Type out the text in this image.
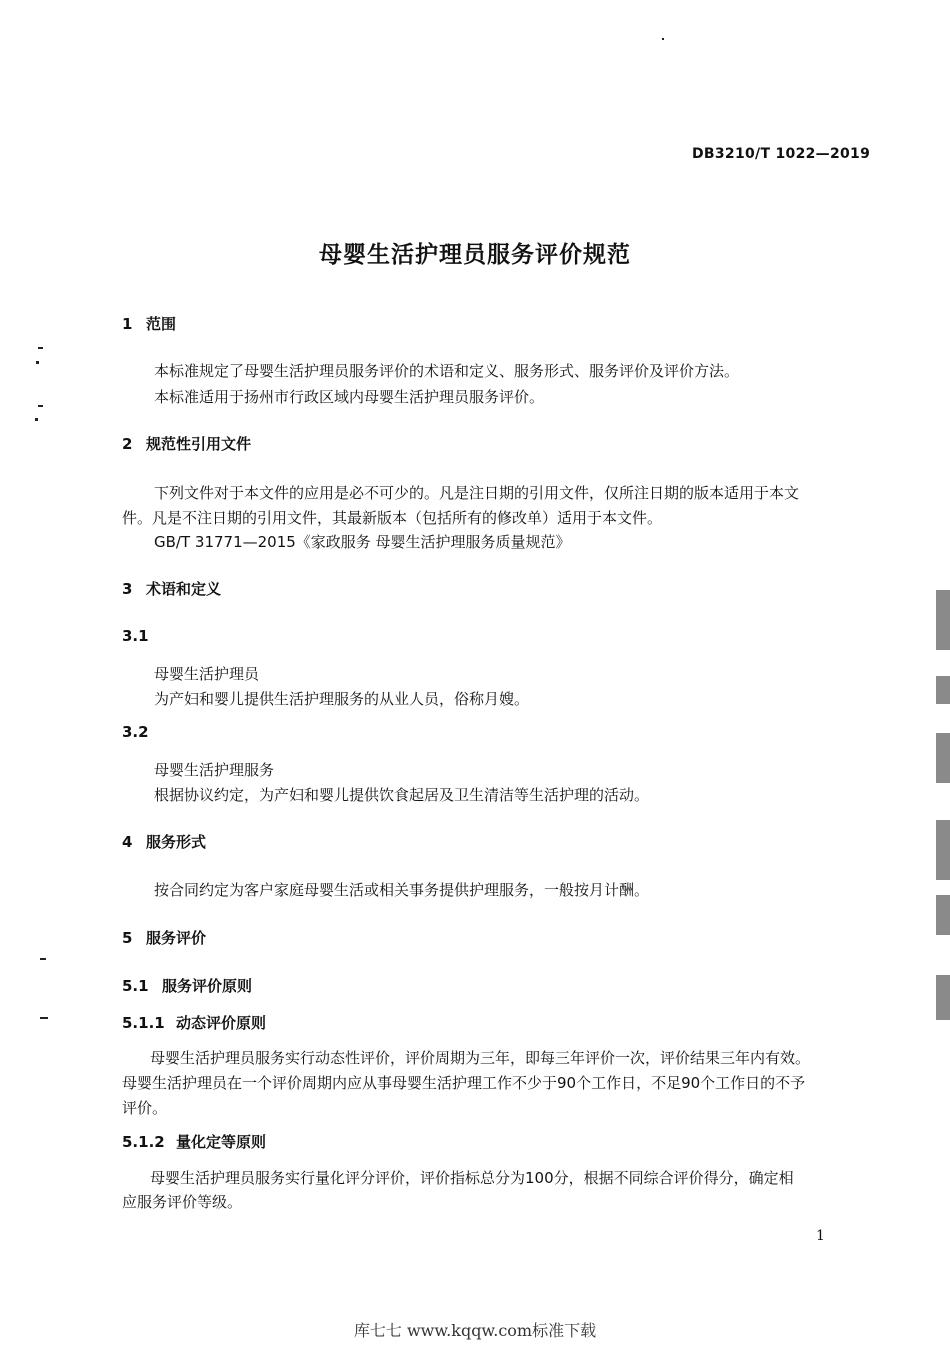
DB3210/T 1022—2019
母婴生活护理员服务评价规范
1 范围
本标准规定了母婴生活护理员服务评价的术语和定义、服务形式、服务评价及评价方法。
本标准适用于扬州市行政区域内母婴生活护理员服务评价。
2 规范性引用文件
下列文件对于本文件的应用是必不可少的。凡是注日期的引用文件，仅所注日期的版本适用于本文
件。凡是不注日期的引用文件，其最新版本（包括所有的修改单）适用于本文件。
GB/T 31771—2015《家政服务 母婴生活护理服务质量规范》
3 术语和定义
3.1
母婴生活护理员
为产妇和婴儿提供生活护理服务的从业人员，俗称月嫂。
3.2
母婴生活护理服务
根据协议约定，为产妇和婴儿提供饮食起居及卫生清洁等生活护理的活动。
4 服务形式
按合同约定为客户家庭母婴生活或相关事务提供护理服务，一般按月计酬。
5 服务评价
5.1 服务评价原则
5.1.1 动态评价原则
母婴生活护理员服务实行动态性评价，评价周期为三年，即每三年评价一次，评价结果三年内有效。
母婴生活护理员在一个评价周期内应从事母婴生活护理工作不少于90个工作日，不足90个工作日的不予
评价。
5.1.2 量化定等原则
母婴生活护理员服务实行量化评分评价，评价指标总分为100分，根据不同综合评价得分，确定相
应服务评价等级。
1
库七七 www.kqqw.com标准下载
